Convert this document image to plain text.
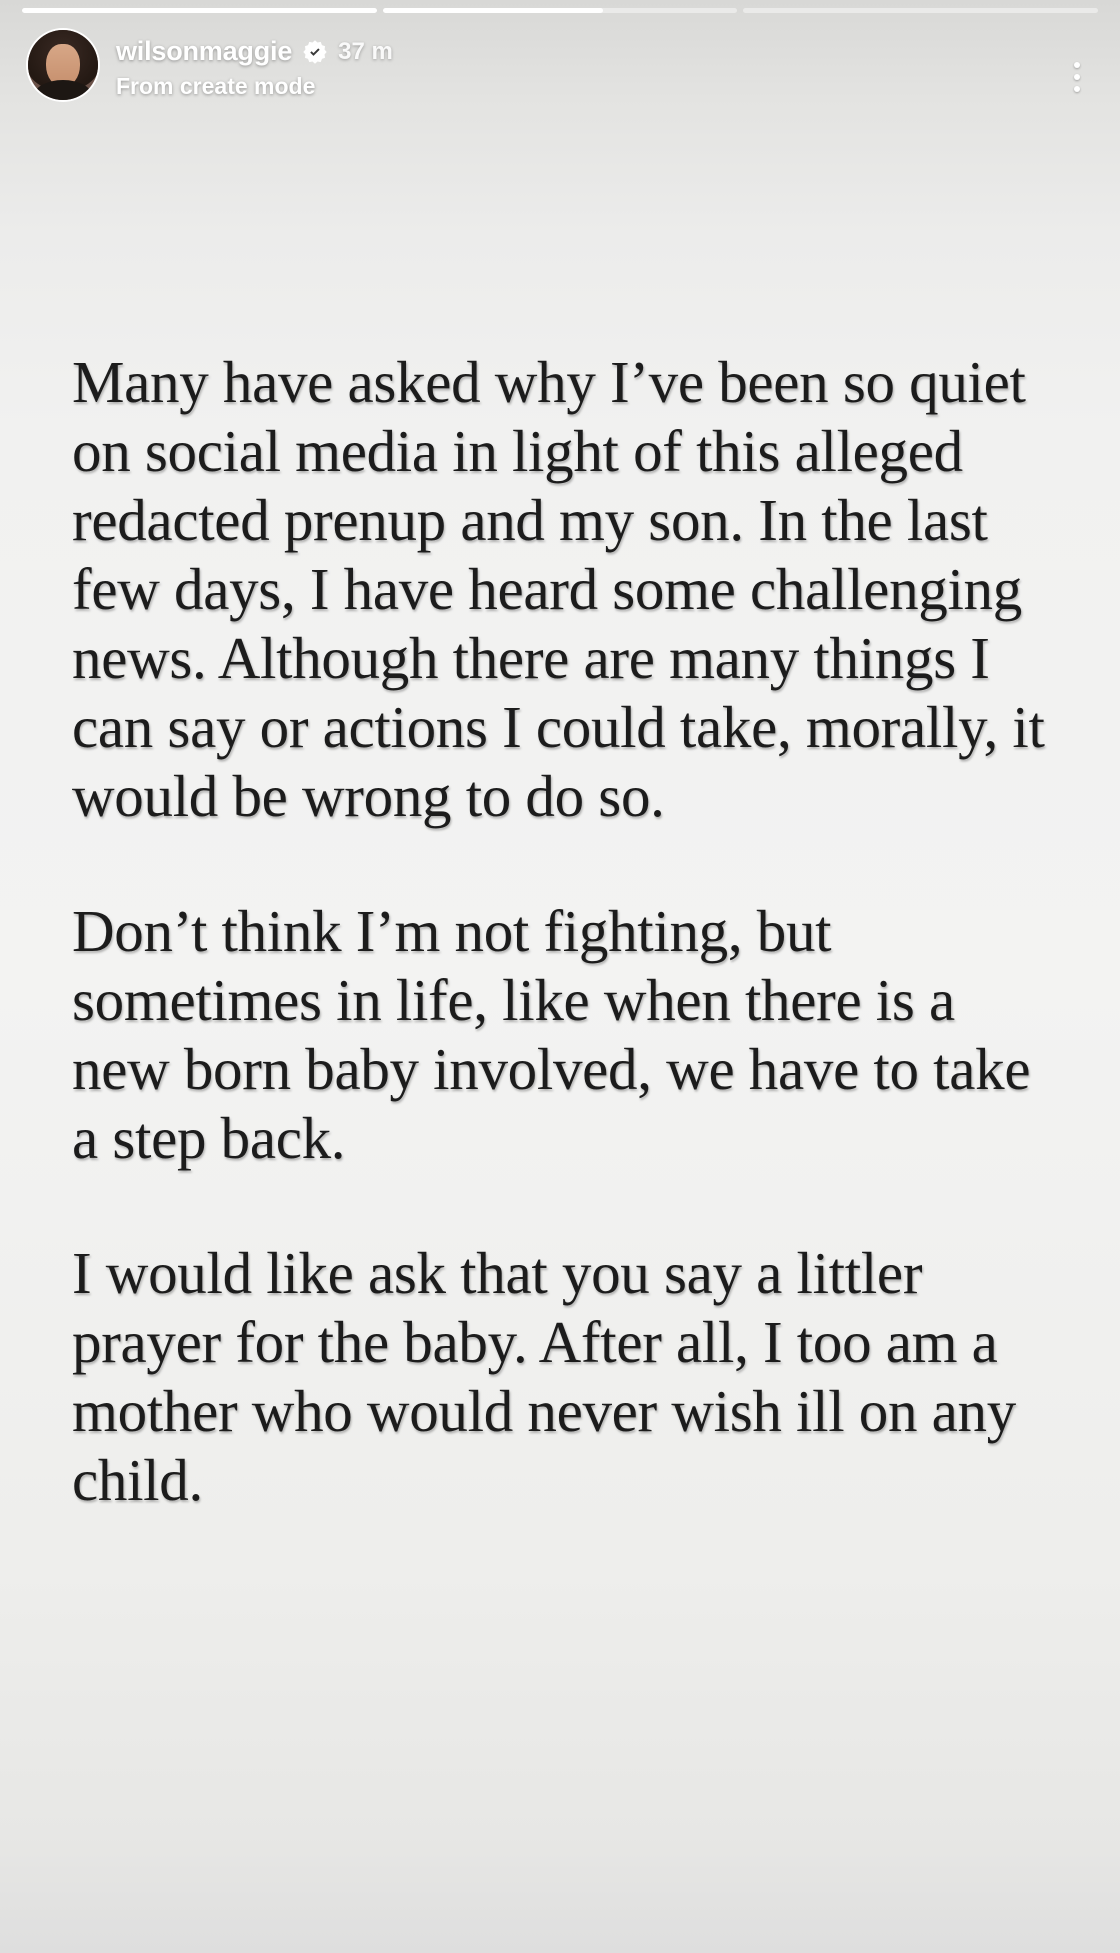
wilsonmaggie 37 m
From create mode

Many have asked why I’ve been so quiet on social media in light of this alleged redacted prenup and my son. In the last few days, I have heard some challenging news. Although there are many things I can say or actions I could take, morally, it would be wrong to do so.

Don’t think I’m not fighting, but sometimes in life, like when there is a new born baby involved, we have to take a step back.

I would like ask that you say a littler prayer for the baby. After all, I too am a mother who would never wish ill on any child.
